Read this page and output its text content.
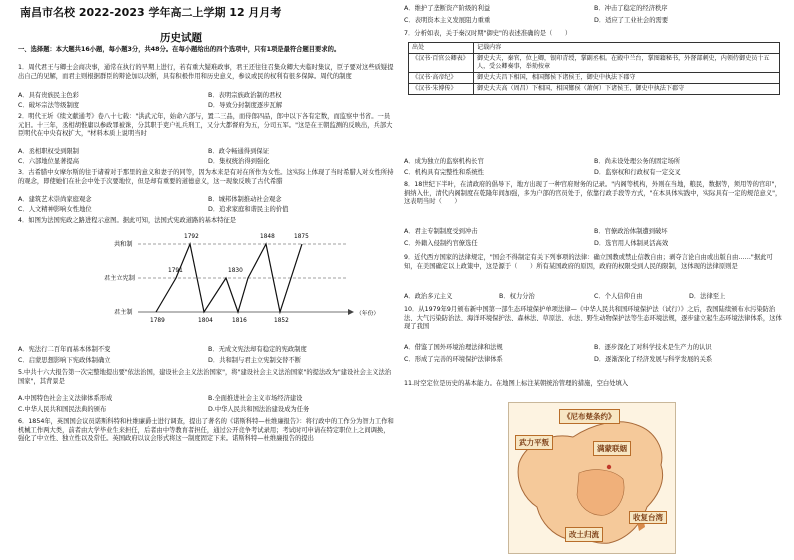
南昌市名校 2022-2023 学年高二上学期 12 月月考
历史试题

一、选择题：本大题共16小题，每小题3分，共48分。在每小题给出的四个选项中，只有1项是最符合题目要求的。

1．周代君王与卿士会商决事，通常在执行的早期上进行，若有重大疑难政事，君王还往往召集众卿大夫临时集议，臣子要对这些质疑提出自己的见解，而君主则根据群臣的辩论加以决断，具有积极作用和历史意义，参议或民的权利有很多保障。周代的制度

A．具有贵族民主色彩	B．表明宗族政治制的君权
C．破坏宗法等级制度	D．导致分封制度逐步瓦解

2．明代王圻《续文献通考》卷八十七载："洪武元年，始命六部与，置二三品，而侍郎四品，郎中以下各有定数，而监察中书省。一员元旧。十三年，丞相胡惟庸以参政罪被诛，分其职于吏户礼兵刑工，又分大都督府为五，分司五军。"这是在王朝监测的反映出，兵部大臣明代在中央有权扩大，"材料本质上说明当时

A．丞相职权受到限制	B．政令畅通得到保证
C．六部地位显著提高	D．集权统治得到强化

3．古希腊中女摩尔斯的往于诸着对于那里的意义和妻子的同等，因为本来是有对在所作为女性。这实际上体现了当时希腊人对女性所持的观念，即使她们在社会中处于次要地位，但是却有重要的道德意义，这一现象反映了古代希腊

A．建筑艺术崇尚家庭观念	B．城邦体制推动社会观念
C．人文精神影响女性地位	D．追求家庭和谐民主的价值

4．如图为法国宪政之路进程示意图。据此可知，法国式宪政道路的基本特征是

共和制
君主立宪制
君主制
1792	1848	1875
1791	1830
1789	1804	1816	1852
（年份）
A．宪法行二百年而基本体制不变	B．无成文宪法却有稳定的宪政制度
C．启蒙思想影响下宪政体制确立	D．共和制与君主立宪制交替不断

5.中共十六大报告第一次完整地提出要"依法治国，建设社会主义法治国家"，将"建设社会主义法治国家"的提法改为"建设社会主义法治国家"，其背景是

A.中国特色社会主义法律体系形成	B.全面推进社会主义市场经济建设
C.中华人民共和国民法典的颁布	D.中华人民共和国法治建设成为任务

6．1854年，英国国会议员诺斯科特和杜维廉爵士进行调查，提出了著名的《诺斯科特—杜维廉报告》：将行政中的工作分为智力工作和机械工作两大类，前者由大学毕业生来担任，后者由中等教育者担任，通过公开竞争考试录用；考试时可申请在特定职位上之间调换，强化了中立性、独立性以及常任。英国政府以议会形式将这一制度固定下来。诺斯科特—杜维廉报告的提出

A．维护了垄断资产阶级的利益	B．冲击了稳定的经济秩序
C．表明资本主义发展阻力重重	D．适应了工业社会的需要

7．分析如表，关于秦汉时期"御史"的表述准确的是（　　）

出处	记载内容
《汉书·百官公卿表》	御史大夫，秦官，位上卿，银印青绶，掌副丞相。在殿中兰台，掌图籍秘书，外督部刺史，内领侍御史员十五人，受公卿奏事，举劾按章
《汉书·高帝纪》	御史大夫昌下相国，相国酂侯下诸侯王，御史中执法下郡守
《汉书·朱博传》	御史大夫高（周昌）下相国，相国酂侯（萧何）下诸侯王，御史中执法下郡守
A．成为独立的监察机构长官	B．尚未设处理公务的固定场所
C．机构具有完整性和系统性	D．监察权和行政权有一定交叉

8．18世纪下半叶，在清政府的倡导下，地方出现了一种官府财务的记录。"内阁等机构，外则在当地，粮民，数据等，须用等的官印"，捐纳入仕，清代内阁制度在乾隆年间加强，多为户部的官员处于，依靠行政手段等方式，"在本具体实践中，实际具有一定的规范意义"，这表明当时（　　）

A．君主专制制度受到冲击	B．官僚政治体制遭到破坏
C．外籍入侵制约官僚选任	D．选官用人体制灵活高效

9．近代西方国家的法律规定，"国会不得制定有关下列事项的法律：确立国教或禁止信教自由；剥夺言论自由或出版自由……"据此可知，在美国确定以上政策中，这是源于（　　）所有某国政府的原因，政府的权限受到人民的限制，这体现的法律原则是

A．政治多元主义	B．权力分治	C．个人信仰自由	D．法律至上

10．从1979年9月颁布新中国第一部生态环境保护单项法律—《中华人民共和国环境保护法（试行）》之后，我国陆续颁布水污染防治法、大气污染防治法、海洋环境保护法、森林法、草原法、水法、野生动物保护法等生态环境法规，逐步建立起生态环境法律体系，这体现了我国

A．借鉴了国外环境治理法律和法规	B．逐步深化了对科学技术是生产力的认识
C．形成了完善的环境保护法律体系	D．逐渐深化了经济发展与科学发展的关系

11.时空定位是历史的基本能力。在地图上标注某朝统治管理的措施，空白处填入

《尼布楚条约》
武力平叛
满蒙联姻
改土归流
收复台湾
